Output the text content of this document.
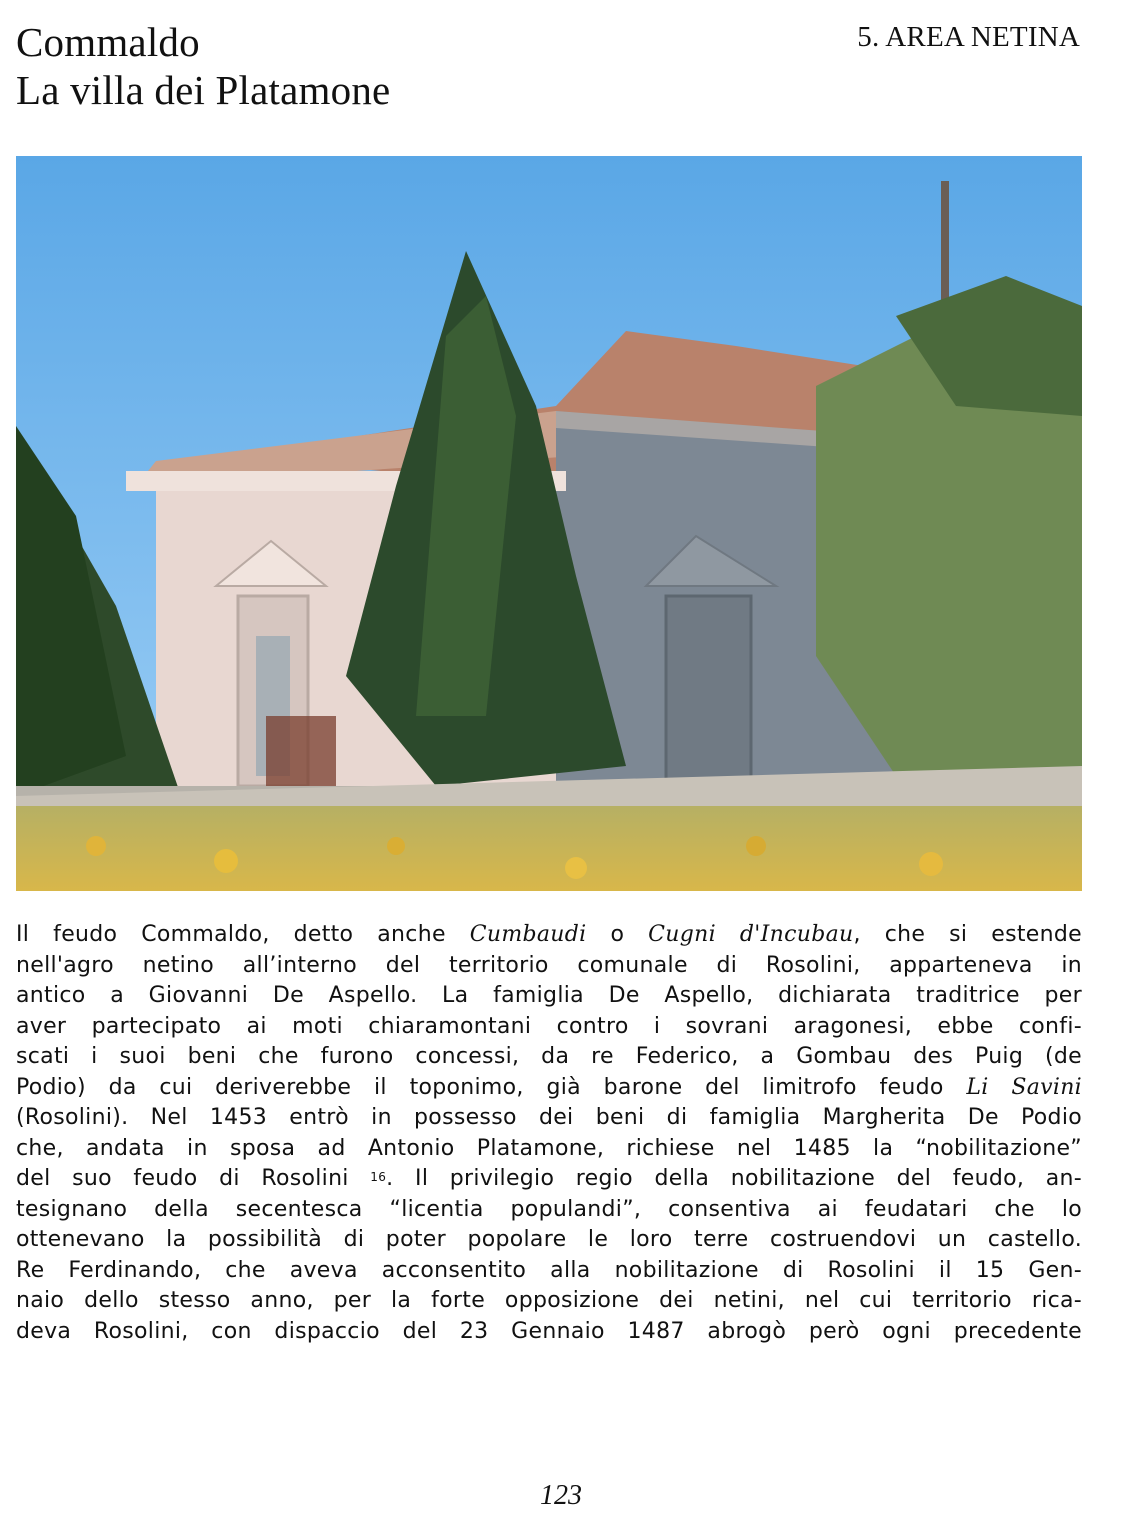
Commaldo
La villa dei Platamone
5. AREA NETINA
Il feudo Commaldo, detto anche Cumbaudi o Cugni d'Incubau, che si estende
nell'agro netino all’interno del territorio comunale di Rosolini, apparteneva in
antico a Giovanni De Aspello. La famiglia De Aspello, dichiarata traditrice per
aver partecipato ai moti chiaramontani contro i sovrani aragonesi, ebbe confi-
scati i suoi beni che furono concessi, da re Federico, a Gombau des Puig (de
Podio) da cui deriverebbe il toponimo, già barone del limitrofo feudo Li Savini
(Rosolini). Nel 1453 entrò in possesso dei beni di famiglia Margherita De Podio
che, andata in sposa ad Antonio Platamone, richiese nel 1485 la “nobilitazione”
del suo feudo di Rosolini $^{16}$. Il privilegio regio della nobilitazione del feudo, an-
tesignano della secentesca “licentia populandi”, consentiva ai feudatari che lo
ottenevano la possibilità di poter popolare le loro terre costruendovi un castello.
Re Ferdinando, che aveva acconsentito alla nobilitazione di Rosolini il 15 Gen-
naio dello stesso anno, per la forte opposizione dei netini, nel cui territorio rica-
deva Rosolini, con dispaccio del 23 Gennaio 1487 abrogò però ogni precedente
123
